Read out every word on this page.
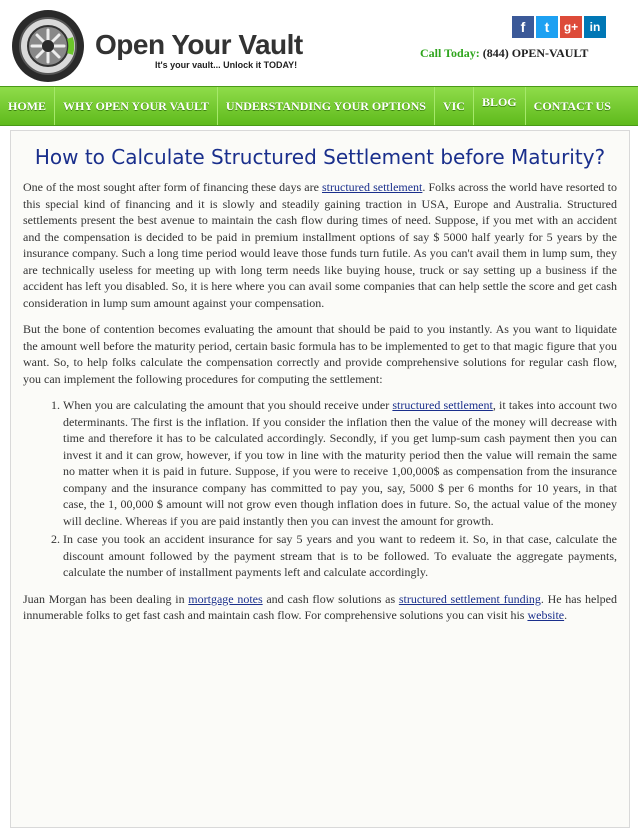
Open Your Vault
It's your vault... Unlock it TODAY!
f	t	g+ in
Call Today: (844) OPEN-VAULT
HOME	WHY OPEN YOUR VAULT	UNDERSTANDING YOUR OPTIONS	VIC	BLOG	CONTACT US
How to Calculate Structured Settlement before Maturity?

One of the most sought after form of financing these days are structured settlement. Folks across the world have resorted to this special kind of financing and it is slowly and steadily gaining traction in USA, Europe and Australia. Structured settlements present the best avenue to maintain the cash flow during times of need. Suppose, if you met with an accident and the compensation is decided to be paid in premium installment options of say $ 5000 half yearly for 5 years by the insurance company. Such a long time period would leave those funds turn futile. As you can't avail them in lump sum, they are technically useless for meeting up with long term needs like buying house, truck or say setting up a business if the accident has left you disabled. So, it is here where you can avail some companies that can help settle the score and get cash consideration in lump sum amount against your compensation.

But the bone of contention becomes evaluating the amount that should be paid to you instantly. As you want to liquidate the amount well before the maturity period, certain basic formula has to be implemented to get to that magic figure that you want. So, to help folks calculate the compensation correctly and provide comprehensive solutions for regular cash flow, you can implement the following procedures for computing the settlement:

1. When you are calculating the amount that you should receive under structured settlement, it takes into account two determinants. The first is the inflation. If you consider the inflation then the value of the money will decrease with time and therefore it has to be calculated accordingly. Secondly, if you get lump-sum cash payment then you can invest it and it can grow, however, if you tow in line with the maturity period then the value will remain the same no matter when it is paid in future. Suppose, if you were to receive 1,00,000$ as compensation from the insurance company and the insurance company has committed to pay you, say, 5000 $ per 6 months for 10 years, in that case, the 1, 00,000 $ amount will not grow even though inflation does in future. So, the actual value of the money will decline. Whereas if you are paid instantly then you can invest the amount for growth.
2. In case you took an accident insurance for say 5 years and you want to redeem it. So, in that case, calculate the discount amount followed by the payment stream that is to be followed. To evaluate the aggregate payments, calculate the number of installment payments left and calculate accordingly.

Juan Morgan has been dealing in mortgage notes and cash flow solutions as structured settlement funding. He has helped innumerable folks to get fast cash and maintain cash flow. For comprehensive solutions you can visit his website.
